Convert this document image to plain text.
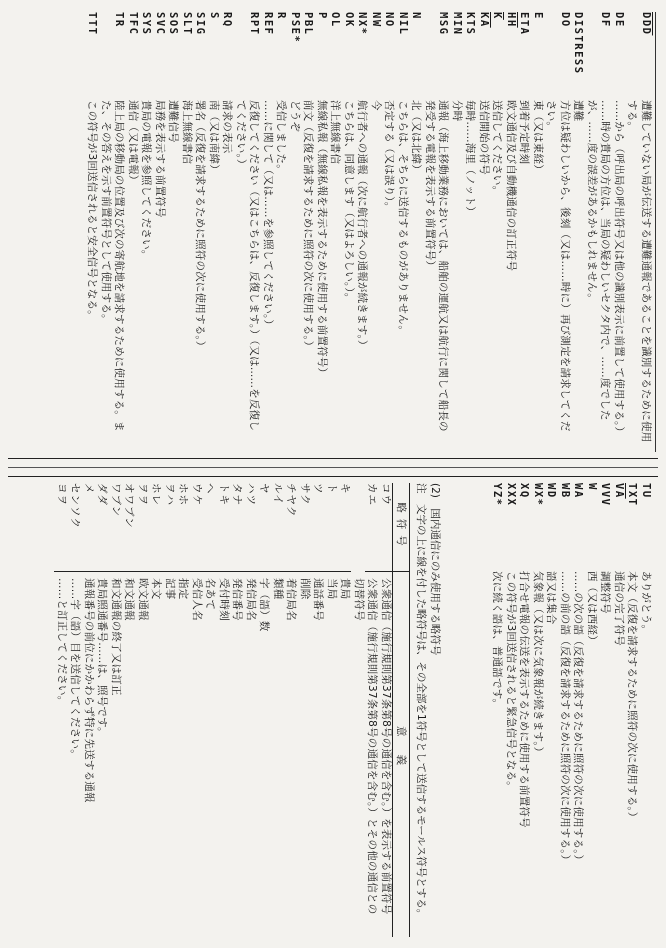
$\overline{DDD}$
遭難していない局が伝送する遭難通報であることを識別するために使用する。
DE
……から（呼出局の呼出符号又は他の識別表示に前置して使用する。）
DF
……時の貴局の方位は、当局の疑わしいセクタ内で、……度でした
が、……度の誤差があるかもしれません。
DISTRESS
遭難
DO
方位は疑わしいから、後刻（又は……時に）再び測定を請求してくだ
さい。
E
東（又は東経）
ETA
到着予定時刻
$\overline{HH}$
欧文通信及び自動機通信の訂正符号
$\overline{K}$
送信してください。
$\overline{KA}$
送信開始の符号
KTS
毎時……海里（ノット）
MIN
分時
MSG
通報（海上移動業務においては、船舶の運航又は航行に関して船長の
発受する電報を表示する前置符号）
N
北（又は北緯）
NIL
こちらは、そちらに送信するものがありません。
NO
否定する（又は誤り）。
NW
今
NX*
航行者への通報（次に航行者への通報が続きます。）
OK
こちらは、同意します（又はよろしい。）。
OL
洋上無線書信
P
無線私報（無線私報を表示するために使用する前置符号）
PBL
前文（反復を請求するために照符の次に使用する。）
PSE*
どうぞ
R
受信しました。
REF
……に関して（又は……を参照してください。）
RPT
反復してください（又はこちらは、反復します。）（又は……を反復し
てください。）
RQ
請求の表示
S
南（又は南緯）
SIG
署名（反復を請求するために照符の次に使用する。）
SLT
海上無線書信
SOS
遭難信号
SVC
局務を表示する前置符号
SYS
貴局の電報を参照してください。
TFC
通信（又は電報）
TR
陸上局の移動局の位置及び次の寄航地を請求するために使用する。ま
た、その答えを示す前置符号として使用する。
TTT
この符号が3回送信されると安全信号となる。
TU
ありがとう。
TXT
本文（反復を請求するために照符の次に使用する。）
$\overline{VA}$
通信の完了符号
VVV
調整符号
W
西（又は西経）
WA
……の次の語（反復を請求するために照符の次に使用する。）
WB
……の前の語（反復を請求するために照符の次に使用する。）
WD
語又は集合
WX*
気象報（又は次に気象報が続きます。）
XQ
打合せ電報の伝送を表示するために使用する前置符号
XXX
この符号が3回送信されると緊急信号となる。
YZ*
次に続く語は、普通語です。
(2)　国内通信にのみ使用する略符号
注　文字の上に線を付した略符号は、その全部を1符号として送信するモールス符号とする。
略符号
意義
コウ
公衆通信（施行規則第37条第8号の通信を含む。）を表示する前置符号
カエ
公衆通信（施行規則第37条第8号の通信を含む。）とその他の通信との
切替符号
キ
貴局
ト
当局
ツ
通話番号
サク
削除
チヤク
着信局名
ルイ
類種
ヤ
字（語）数
ハツ
発信局名
タナ
発信番号
トキ
受付時刻
ヘ
名あて
ウケ
受信人名
ホホ
指定
ヲハ
記事
ホレ
本文
ヲヲ
欧文通報
オワブン
和文通報
ワブン
和文通報の終了又は訂正
ダダ
貴局照通番号……は、照号です。
メ
通報番号の前位にかかわらず特に先送する通報
センソク
……字（語）目を送信してください。
ヨヲ
……と訂正してください。
